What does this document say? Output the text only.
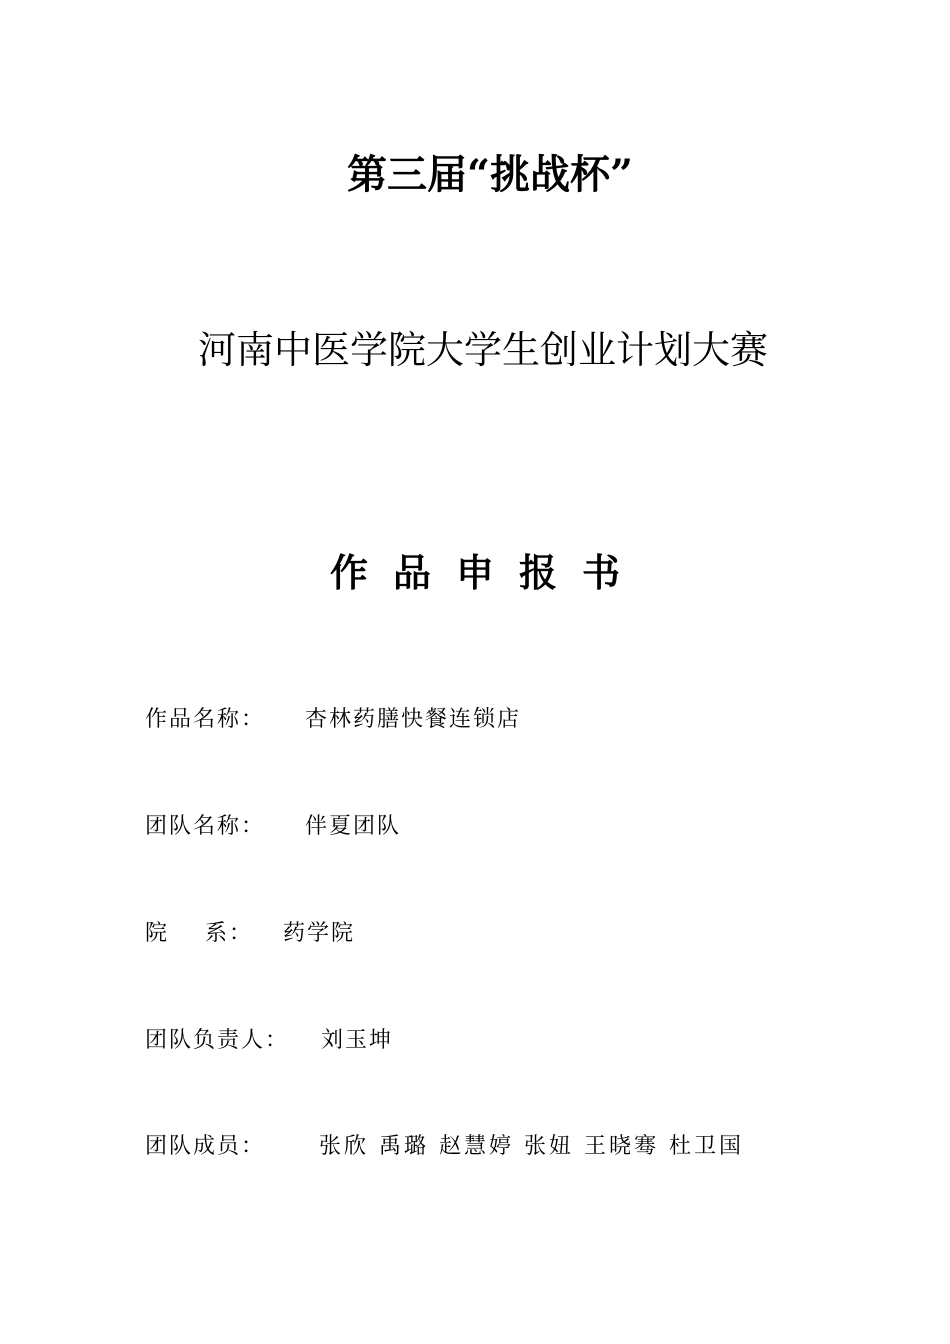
第三届“挑战杯”
河南中医学院大学生创业计划大赛
作品申报书
作品名称： 杏林药膳快餐连锁店
团队名称： 伴夏团队
院 系： 药学院
团队负责人： 刘玉坤
团队成员： 张欣 禹璐 赵慧婷 张妞 王晓骞 杜卫国
